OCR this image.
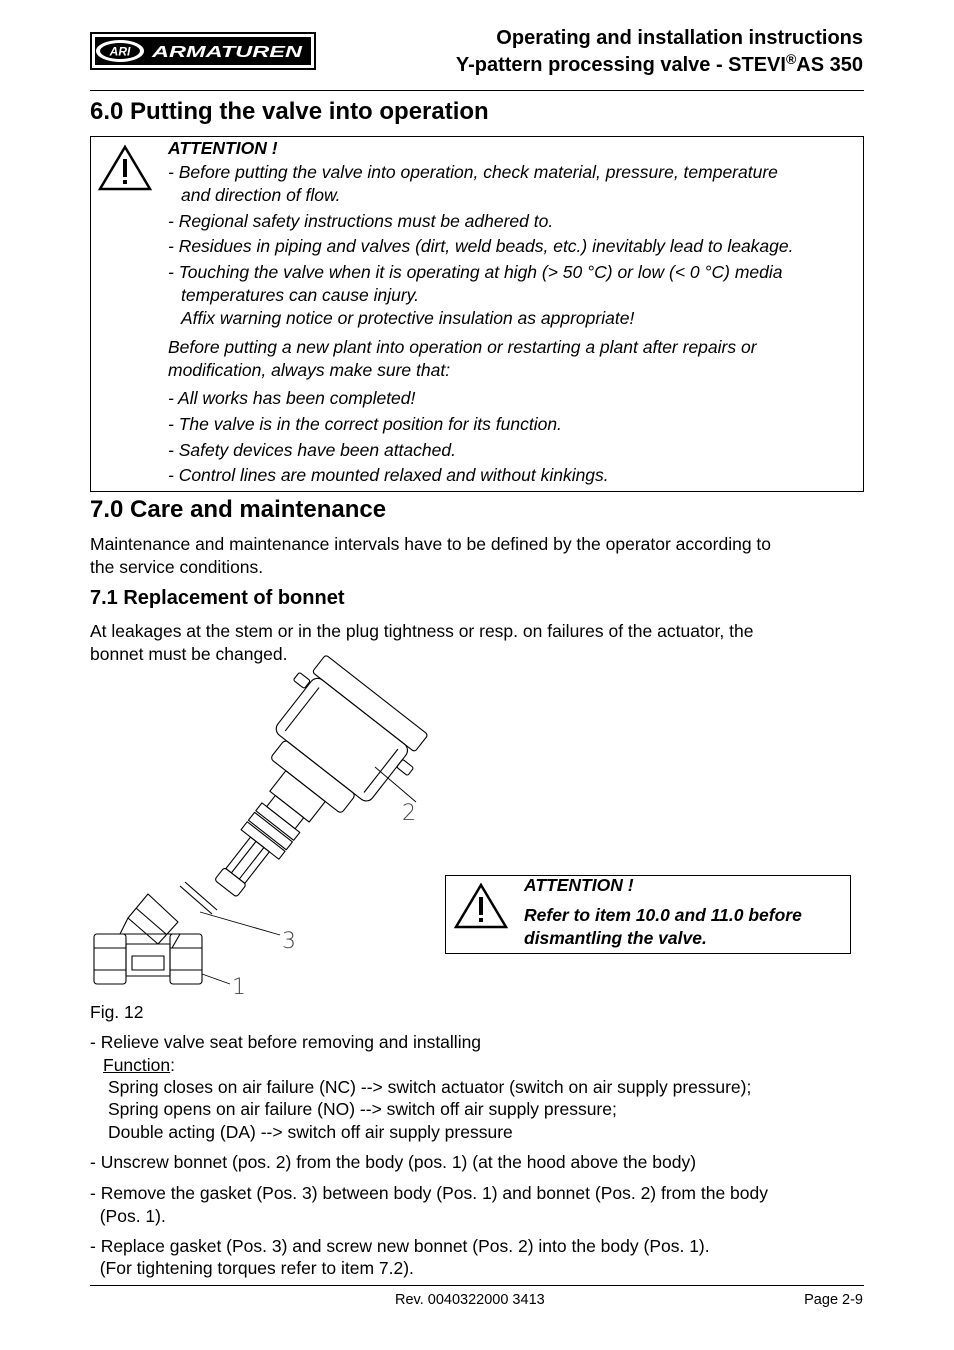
ARI ARMATUREN
Operating and installation instructions
Y-pattern processing valve - STEVI®AS 350
6.0 Putting the valve into operation
ATTENTION !
- Before putting the valve into operation, check material, pressure, temperature
and direction of flow.
- Regional safety instructions must be adhered to.
- Residues in piping and valves (dirt, weld beads, etc.) inevitably lead to leakage.
- Touching the valve when it is operating at high (> 50 °C) or low (< 0 °C) media
temperatures can cause injury.
Affix warning notice or protective insulation as appropriate!
Before putting a new plant into operation or restarting a plant after repairs or
modification, always make sure that:
- All works has been completed!
- The valve is in the correct position for its function.
- Safety devices have been attached.
- Control lines are mounted relaxed and without kinkings.
7.0 Care and maintenance
Maintenance and maintenance intervals have to be defined by the operator according to
the service conditions.
7.1 Replacement of bonnet
At leakages at the stem or in the plug tightness or resp. on failures of the actuator, the
bonnet must be changed.
2
3
1
ATTENTION !
Refer to item 10.0 and 11.0 before
dismantling the valve.
Fig. 12
- Relieve valve seat before removing and installing
Function:
Spring closes on air failure (NC) --> switch actuator (switch on air supply pressure);
Spring opens on air failure (NO) --> switch off air supply pressure;
Double acting (DA) --> switch off air supply pressure
- Unscrew bonnet (pos. 2) from the body (pos. 1) (at the hood above the body)
- Remove the gasket (Pos. 3) between body (Pos. 1) and bonnet (Pos. 2) from the body
(Pos. 1).
- Replace gasket (Pos. 3) and screw new bonnet (Pos. 2) into the body (Pos. 1).
(For tightening torques refer to item 7.2).
Rev. 0040322000 3413	Page 2-9
